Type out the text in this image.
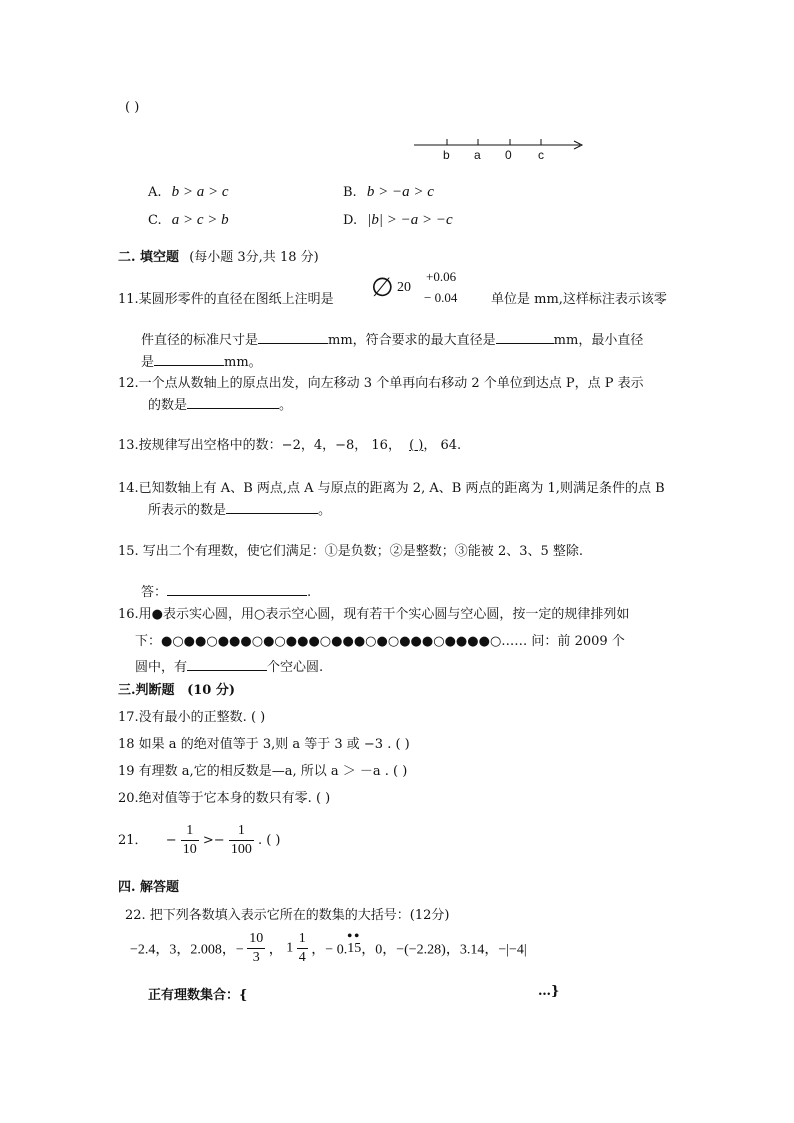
( )
b a 0 c
A. b > a > c	B. b > −a > c
C. a > c > b	D. |b| > −a > −c
二. 填空题 (每小题 3分,共 18 分)
11.某圆形零件的直径在图纸上注明是 ∅ 20
+0.06
− 0.04	单位是 mm,这样标注表示该零
件直径的标准尺寸是	mm，符合要求的最大直径是	mm，最小直径
是	mm。
12.一个点从数轴上的原点出发，向左移动 3 个单再向右移动 2 个单位到达点 P，点 P 表示
的数是	。
13.按规律写出空格中的数：−2，4，−8， 16， ( )， 64.
14.已知数轴上有 A、B 两点,点 A 与原点的距离为 2, A、B 两点的距离为 1,则满足条件的点 B
所表示的数是	。
15. 写出二个有理数，使它们满足：①是负数；②是整数；③能被 2、3、5 整除.
答：	.
16.用●表示实心圆，用○表示空心圆，现有若干个实心圆与空心圆，按一定的规律排列如
下：●○●●○●●●○●○●●●○●●●○●○●●●○●●●●○…… 问：前 2009 个
圆中，有	个空心圆.
三.判断题 (10 分)
17.没有最小的正整数. ( )
18 如果 a 的绝对值等于 3,则 a 等于 3 或 −3 . ( )
19 有理数 a,它的相反数是—a, 所以 a ＞ －a . ( )
20.绝对值等于它本身的数只有零. ( )
21． − $\frac{1}{10} >- \frac{1}{100}$ . ( )
四. 解答题
22. 把下列各数填入表示它所在的数集的大括号：(12分)
−2.4，3，2.008，− $\frac{10}{3}$ ， $1 \frac{1}{4}$ ，− 0.
••
15，0，−(−2.28)，3.14，−|−4|
正有理数集合：{	…}
